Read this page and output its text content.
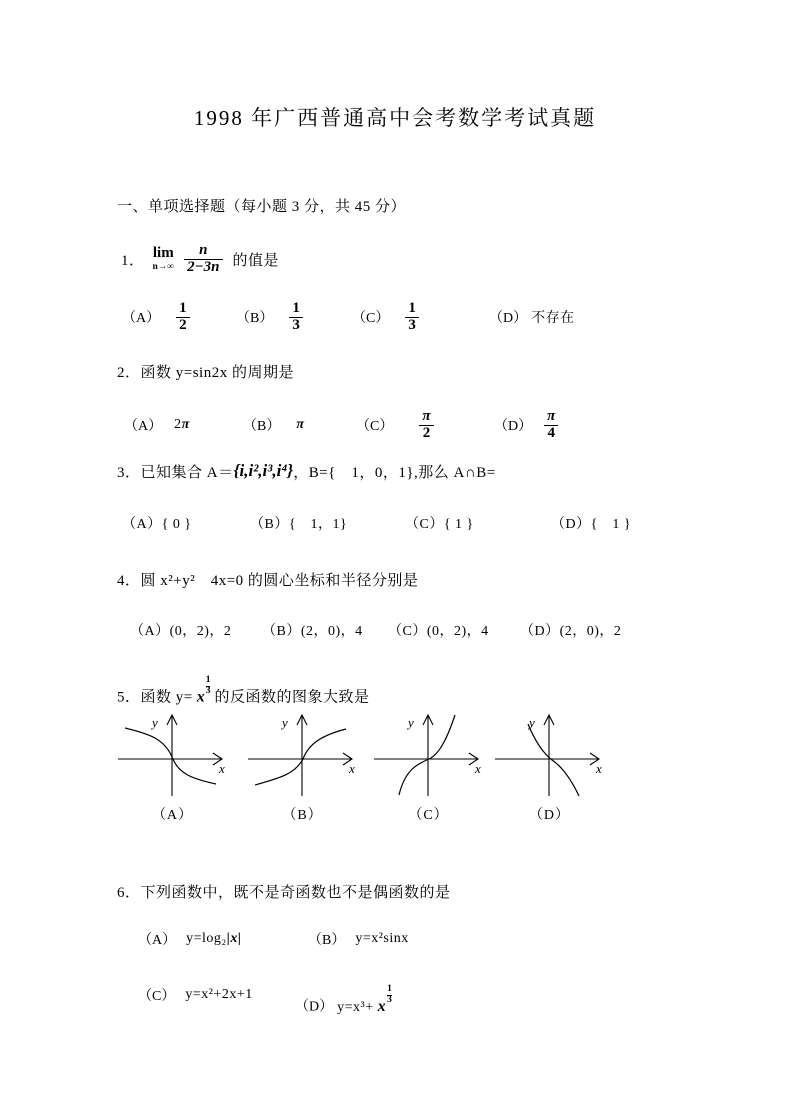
1998 年广西普通高中会考数学考试真题
一、单项选择题（每小题 3 分，共 45 分）
1． lim
$n\to\infty \frac{n}{2-3n}$ 的值是
$(A) \frac{1}{2}$	$(B) \frac{1}{3}$	$(C) \frac{1}{3}$	（D） 不存在
2．函数 y=sin2x 的周期是
（A） 2π	（B） π	$(C) \frac{\pi}{2}$	$(D) \frac{\pi}{4}$
3．已知集合 A＝ {i,i²,i³,i⁴} ，B={　1，0，1},那么 A∩B=
（A）{ 0 }	（B）{　1，1}	（C）{ 1 }	（D）{　1 }
4．圆 x²+y²　4x=0 的圆心坐标和半径分别是
（A）(0，2)，2 （B）(2，0)，4 （C）(0，2)，4 （D）(2，0)，2
5．函数 y= x
$\frac{1}{3}$
的反函数的图象大致是
y
x
y
x
y
x
y
x
（A）	（B）	（C）	（D）
6．下列函数中，既不是奇函数也不是偶函数的是
（A） y=log₂|x|	（B） y=x²sinx
（C） y=x²+2x+1
（D） y=x³+ x
$\frac{1}{3}$
